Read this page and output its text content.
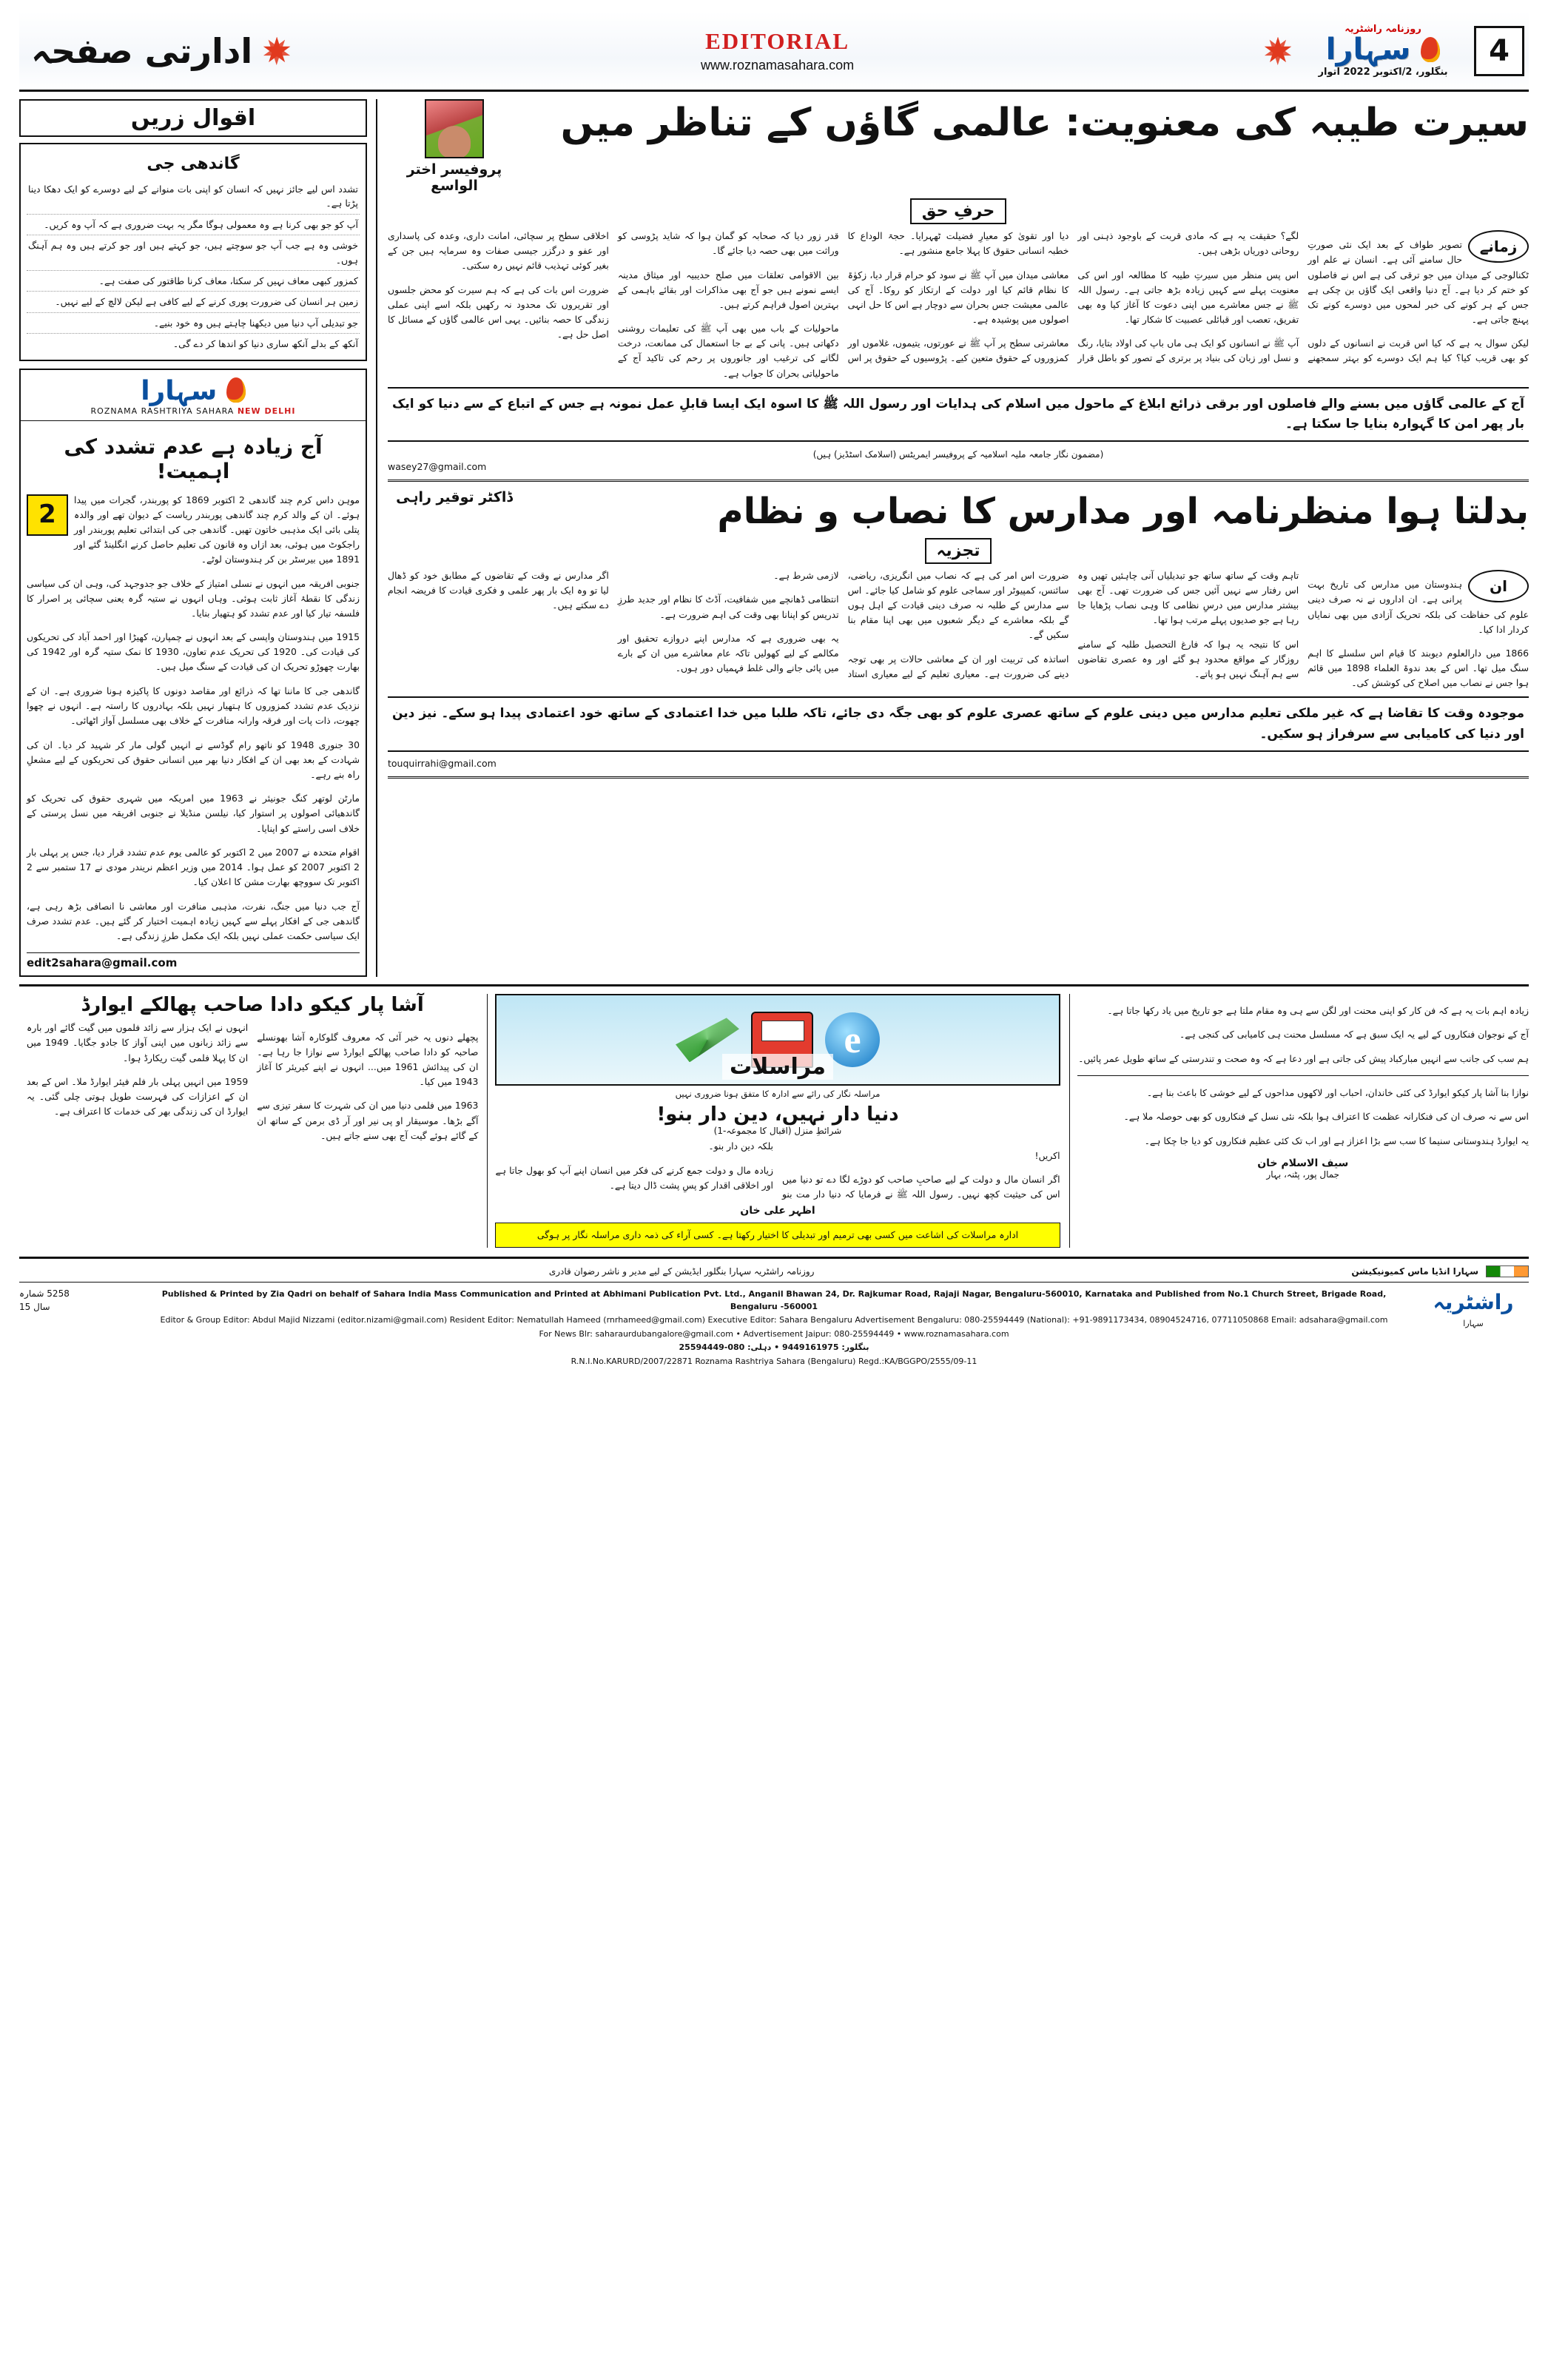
4
روزنامہ راشٹریہ
سہارا
بنگلور، 2/اکتوبر 2022 اتوار
EDITORIAL
www.roznamasahara.com
ادارتی صفحہ
سیرت طیبہ کی معنویت: عالمی گاؤں کے تناظر میں
پروفیسر اختر الواسع
حرفِ حق
زمانے

تصویر طواف کے بعد ایک نئی صورتِ حال سامنے آئی ہے۔ انسان نے علم اور ٹکنالوجی کے میدان میں جو ترقی کی ہے اس نے فاصلوں کو ختم کر دیا ہے۔ آج دنیا واقعی ایک گاؤں بن چکی ہے جس کے ہر کونے کی خبر لمحوں میں دوسرے کونے تک پہنچ جاتی ہے۔

لیکن سوال یہ ہے کہ کیا اس قربت نے انسانوں کے دلوں کو بھی قریب کیا؟ کیا ہم ایک دوسرے کو بہتر سمجھنے لگے؟ حقیقت یہ ہے کہ مادی قربت کے باوجود ذہنی اور روحانی دوریاں بڑھی ہیں۔

اس پس منظر میں سیرتِ طیبہ کا مطالعہ اور اس کی معنویت پہلے سے کہیں زیادہ بڑھ جاتی ہے۔ رسول اللہ ﷺ نے جس معاشرے میں اپنی دعوت کا آغاز کیا وہ بھی تفریق، تعصب اور قبائلی عصبیت کا شکار تھا۔

آپ ﷺ نے انسانوں کو ایک ہی ماں باپ کی اولاد بتایا، رنگ و نسل اور زبان کی بنیاد پر برتری کے تصور کو باطل قرار دیا اور تقویٰ کو معیارِ فضیلت ٹھہرایا۔ حجۃ الوداع کا خطبہ انسانی حقوق کا پہلا جامع منشور ہے۔

معاشی میدان میں آپ ﷺ نے سود کو حرام قرار دیا، زکوٰۃ کا نظام قائم کیا اور دولت کے ارتکاز کو روکا۔ آج کی عالمی معیشت جس بحران سے دوچار ہے اس کا حل انہی اصولوں میں پوشیدہ ہے۔

معاشرتی سطح پر آپ ﷺ نے عورتوں، یتیموں، غلاموں اور کمزوروں کے حقوق متعین کیے۔ پڑوسیوں کے حقوق پر اس قدر زور دیا کہ صحابہ کو گمان ہوا کہ شاید پڑوسی کو وراثت میں بھی حصہ دیا جائے گا۔

بین الاقوامی تعلقات میں صلح حدیبیہ اور میثاق مدینہ ایسے نمونے ہیں جو آج بھی مذاکرات اور بقائے باہمی کے بہترین اصول فراہم کرتے ہیں۔

ماحولیات کے باب میں بھی آپ ﷺ کی تعلیمات روشنی دکھاتی ہیں۔ پانی کے بے جا استعمال کی ممانعت، درخت لگانے کی ترغیب اور جانوروں پر رحم کی تاکید آج کے ماحولیاتی بحران کا جواب ہے۔

اخلاقی سطح پر سچائی، امانت داری، وعدہ کی پاسداری اور عفو و درگزر جیسی صفات وہ سرمایہ ہیں جن کے بغیر کوئی تہذیب قائم نہیں رہ سکتی۔

ضرورت اس بات کی ہے کہ ہم سیرت کو محض جلسوں اور تقریروں تک محدود نہ رکھیں بلکہ اسے اپنی عملی زندگی کا حصہ بنائیں۔ یہی اس عالمی گاؤں کے مسائل کا اصل حل ہے۔

آج کے عالمی گاؤں میں بسنے والے فاصلوں اور برقی ذرائع ابلاغ کے ماحول میں اسلام کی ہدایات اور رسول اللہ ﷺ کا اسوہ ایک ایسا قابلِ عمل نمونہ ہے جس کے اتباع کے سے دنیا کو ایک بار پھر امن کا گہوارہ بنایا جا سکتا ہے۔
(مضمون نگار جامعہ ملیہ اسلامیہ کے پروفیسر ایمریٹس (اسلامک اسٹڈیز) ہیں)
wasey27@gmail.com
بدلتا ہوا منظرنامہ اور مدارس کا نصاب و نظام
ڈاکٹر توقیر راہی
تجزیہ
ان

ہندوستان میں مدارس کی تاریخ بہت پرانی ہے۔ ان اداروں نے نہ صرف دینی علوم کی حفاظت کی بلکہ تحریک آزادی میں بھی نمایاں کردار ادا کیا۔

1866 میں دارالعلوم دیوبند کا قیام اس سلسلے کا اہم سنگ میل تھا۔ اس کے بعد ندوۃ العلماء 1898 میں قائم ہوا جس نے نصاب میں اصلاح کی کوشش کی۔

تاہم وقت کے ساتھ ساتھ جو تبدیلیاں آنی چاہئیں تھیں وہ اس رفتار سے نہیں آئیں جس کی ضرورت تھی۔ آج بھی بیشتر مدارس میں درسِ نظامی کا وہی نصاب پڑھایا جا رہا ہے جو صدیوں پہلے مرتب ہوا تھا۔

اس کا نتیجہ یہ ہوا کہ فارغ التحصیل طلبہ کے سامنے روزگار کے مواقع محدود ہو گئے اور وہ عصری تقاضوں سے ہم آہنگ نہیں ہو پاتے۔

ضرورت اس امر کی ہے کہ نصاب میں انگریزی، ریاضی، سائنس، کمپیوٹر اور سماجی علوم کو شامل کیا جائے۔ اس سے مدارس کے طلبہ نہ صرف دینی قیادت کے اہل ہوں گے بلکہ معاشرے کے دیگر شعبوں میں بھی اپنا مقام بنا سکیں گے۔

اساتذہ کی تربیت اور ان کے معاشی حالات پر بھی توجہ دینے کی ضرورت ہے۔ معیاری تعلیم کے لیے معیاری استاد لازمی شرط ہے۔

انتظامی ڈھانچے میں شفافیت، آڈٹ کا نظام اور جدید طرزِ تدریس کو اپنانا بھی وقت کی اہم ضرورت ہے۔

یہ بھی ضروری ہے کہ مدارس اپنے دروازے تحقیق اور مکالمے کے لیے کھولیں تاکہ عام معاشرے میں ان کے بارے میں پائی جانے والی غلط فہمیاں دور ہوں۔

اگر مدارس نے وقت کے تقاضوں کے مطابق خود کو ڈھال لیا تو وہ ایک بار پھر علمی و فکری قیادت کا فریضہ انجام دے سکتے ہیں۔

موجودہ وقت کا تقاضا ہے کہ غیر ملکی تعلیم مدارس میں دینی علوم کے ساتھ عصری علوم کو بھی جگہ دی جائے، تاکہ طلبا میں خدا اعتمادی کے ساتھ خود اعتمادی پیدا ہو سکے۔ نیز دین اور دنیا کی کامیابی سے سرفراز ہو سکیں۔
touquirrahi@gmail.com
اقوال زریں
گاندھی جی
تشدد اس لیے جائز نہیں کہ انسان کو اپنی بات منوانے کے لیے دوسرے کو ایک دھکا دینا پڑتا ہے۔
آپ کو جو بھی کرنا ہے وہ معمولی ہوگا مگر یہ بہت ضروری ہے کہ آپ وہ کریں۔
خوشی وہ ہے جب آپ جو سوچتے ہیں، جو کہتے ہیں اور جو کرتے ہیں وہ ہم آہنگ ہوں۔
کمزور کبھی معاف نہیں کر سکتا، معاف کرنا طاقتور کی صفت ہے۔
زمین ہر انسان کی ضرورت پوری کرنے کے لیے کافی ہے لیکن لالچ کے لیے نہیں۔
جو تبدیلی آپ دنیا میں دیکھنا چاہتے ہیں وہ خود بنیے۔
آنکھ کے بدلے آنکھ ساری دنیا کو اندھا کر دے گی۔
سہارا
ROZNAMA RASHTRIYA SAHARA NEW DELHI
آج زیادہ ہے عدم تشدد کی اہمیت!
2	موہن داس کرم چند گاندھی 2 اکتوبر 1869 کو پوربندر، گجرات میں پیدا ہوئے۔ ان کے والد کرم چند گاندھی پوربندر ریاست کے دیوان تھے اور والدہ پتلی بائی ایک مذہبی خاتون تھیں۔ گاندھی جی کی ابتدائی تعلیم پوربندر اور راجکوٹ میں ہوئی، بعد ازاں وہ قانون کی تعلیم حاصل کرنے انگلینڈ گئے اور 1891 میں بیرسٹر بن کر ہندوستان لوٹے۔

جنوبی افریقہ میں انہوں نے نسلی امتیاز کے خلاف جو جدوجہد کی، وہی ان کی سیاسی زندگی کا نقطۂ آغاز ثابت ہوئی۔ وہاں انہوں نے ستیہ گرہ یعنی سچائی پر اصرار کا فلسفہ تیار کیا اور عدم تشدد کو ہتھیار بنایا۔

1915 میں ہندوستان واپسی کے بعد انہوں نے چمپارن، کھیڑا اور احمد آباد کی تحریکوں کی قیادت کی۔ 1920 کی تحریک عدم تعاون، 1930 کا نمک ستیہ گرہ اور 1942 کی بھارت چھوڑو تحریک ان کی قیادت کے سنگ میل ہیں۔

گاندھی جی کا ماننا تھا کہ ذرائع اور مقاصد دونوں کا پاکیزہ ہونا ضروری ہے۔ ان کے نزدیک عدم تشدد کمزوروں کا ہتھیار نہیں بلکہ بہادروں کا راستہ ہے۔ انہوں نے چھوا چھوت، ذات پات اور فرقہ وارانہ منافرت کے خلاف بھی مسلسل آواز اٹھائی۔

30 جنوری 1948 کو ناتھو رام گوڈسے نے انہیں گولی مار کر شہید کر دیا۔ ان کی شہادت کے بعد بھی ان کے افکار دنیا بھر میں انسانی حقوق کی تحریکوں کے لیے مشعلِ راہ بنے رہے۔

مارٹن لوتھر کنگ جونیئر نے 1963 میں امریکہ میں شہری حقوق کی تحریک کو گاندھیائی اصولوں پر استوار کیا، نیلسن منڈیلا نے جنوبی افریقہ میں نسل پرستی کے خلاف اسی راستے کو اپنایا۔

اقوام متحدہ نے 2007 میں 2 اکتوبر کو عالمی یوم عدم تشدد قرار دیا، جس پر پہلی بار 2 اکتوبر 2007 کو عمل ہوا۔ 2014 میں وزیر اعظم نریندر مودی نے 17 ستمبر سے 2 اکتوبر تک سووچھ بھارت مشن کا اعلان کیا۔

آج جب دنیا میں جنگ، نفرت، مذہبی منافرت اور معاشی نا انصافی بڑھ رہی ہے، گاندھی جی کے افکار پہلے سے کہیں زیادہ اہمیت اختیار کر گئے ہیں۔ عدم تشدد صرف ایک سیاسی حکمت عملی نہیں بلکہ ایک مکمل طرزِ زندگی ہے۔

edit2sahara@gmail.com

زیادہ اہم بات یہ ہے کہ فن کار کو اپنی محنت اور لگن سے ہی وہ مقام ملتا ہے جو تاریخ میں یاد رکھا جاتا ہے۔

آج کے نوجوان فنکاروں کے لیے یہ ایک سبق ہے کہ مسلسل محنت ہی کامیابی کی کنجی ہے۔

ہم سب کی جانب سے انہیں مبارکباد پیش کی جاتی ہے اور دعا ہے کہ وہ صحت و تندرستی کے ساتھ طویل عمر پائیں۔

نوازا بنا آشا پار کیکو ایوارڈ کی کئی خاندان، احباب اور لاکھوں مداحوں کے لیے خوشی کا باعث بنا ہے۔

اس سے نہ صرف ان کی فنکارانہ عظمت کا اعتراف ہوا بلکہ نئی نسل کے فنکاروں کو بھی حوصلہ ملا ہے۔

یہ ایوارڈ ہندوستانی سنیما کا سب سے بڑا اعزاز ہے اور اب تک کئی عظیم فنکاروں کو دیا جا چکا ہے۔

سیف الاسلام خان
جمال پور، پٹنہ، بہار
e
مراسلات
مراسلہ نگار کی رائے سے ادارہ کا متفق ہونا ضروری نہیں
دنیا دار نہیں، دین دار بنو!
شرائطِ منزل (اقبال کا مجموعہ-1)

اکریں!

اگر انسان مال و دولت کے لیے صاحبِ صاحب کو دوڑے لگا دے تو دنیا میں اس کی حیثیت کچھ نہیں۔ رسول اللہ ﷺ نے فرمایا کہ دنیا دار مت بنو بلکہ دین دار بنو۔

زیادہ مال و دولت جمع کرنے کی فکر میں انسان اپنے آپ کو بھول جاتا ہے اور اخلاقی اقدار کو پسِ پشت ڈال دیتا ہے۔

اظہر علی خان
ادارہ مراسلات کی اشاعت میں کسی بھی ترمیم اور تبدیلی کا اختیار رکھتا ہے۔ کسی آراء کی ذمہ داری مراسلہ نگار پر ہوگی
آشا پار کیکو دادا صاحب پھالکے ایوارڈ

پچھلے دنوں یہ خبر آئی کہ معروف گلوکارہ آشا بھونسلے صاحبہ کو دادا صاحب پھالکے ایوارڈ سے نوازا جا رہا ہے۔ ان کی پیدائش 1961 میں... انہوں نے اپنے کیریئر کا آغاز 1943 میں کیا۔

1963 میں فلمی دنیا میں ان کی شہرت کا سفر تیزی سے آگے بڑھا۔ موسیقار او پی نیر اور آر ڈی برمن کے ساتھ ان کے گائے ہوئے گیت آج بھی سنے جاتے ہیں۔

انہوں نے ایک ہزار سے زائد فلموں میں گیت گائے اور بارہ سے زائد زبانوں میں اپنی آواز کا جادو جگایا۔ 1949 میں ان کا پہلا فلمی گیت ریکارڈ ہوا۔

1959 میں انہیں پہلی بار فلم فیئر ایوارڈ ملا۔ اس کے بعد ان کے اعزازات کی فہرست طویل ہوتی چلی گئی۔ یہ ایوارڈ ان کی زندگی بھر کی خدمات کا اعتراف ہے۔

سہارا انڈیا ماس کمیونیکیشن
روزنامہ راشٹریہ سہارا بنگلور ایڈیشن کے لیے مدیر و ناشر رضوان قادری
راشٹریہ
سہارا
Published & Printed by Zia Qadri on behalf of Sahara India Mass Communication and Printed at Abhimani Publication Pvt. Ltd., Anganil Bhawan 24, Dr. Rajkumar Road, Rajaji Nagar, Bengaluru-560010, Karnataka and Published from No.1 Church Street, Brigade Road, Bengaluru -560001
Editor & Group Editor: Abdul Majid Nizzami (editor.nizami@gmail.com) Resident Editor: Nematullah Hameed (rnrhameed@gmail.com) Executive Editor: Sahara Bengaluru Advertisement Bengaluru: 080-25594449 (National): +91-9891173434, 08904524716, 07711050868 Email: adsahara@gmail.com
For News Blr: saharaurdubangalore@gmail.com • Advertisement Jaipur: 080-25594449 • www.roznamasahara.com
بنگلور: 9449161975 • دہلی: 080-25594449
R.N.I.No.KARURD/2007/22871 Roznama Rashtriya Sahara (Bengaluru) Regd.:KA/BGGPO/2555/09-11
5258 شمارہ
سال 15
